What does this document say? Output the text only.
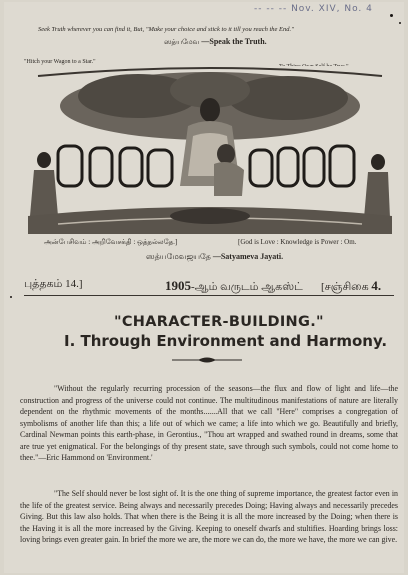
-- -- -- Nov. XIV, No. 4
Seek Truth wherever you can find it, But, "Make your choice and stick to it till you reach the End."
ஸத்யமேவ —Speak the Truth.
"Hitch your Wagon to a Star."
அன்பேசிவம் : அறிவேசக்தி : ஒத்தல்லதே.]	[God is Love : Knowledge is Power : Om.
ஸத்யமேவஜயதே —Satyameva Jayati.
புத்தகம் 14.]	1905-ஆம் வருடம் ஆகஸ்ட் [சஞ்சிகை 4.
"CHARACTER-BUILDING."
I. Through Environment and Harmony.

"Without the regularly recurring procession of the seasons—the flux and flow of light and life—the construction and progress of the universe could not continue. The multitudinous manifestations of nature are literally dependent on the rhythmic movements of the months.......All that we call "Here" comprises a congregation of symbolisms of another life than this; a life out of which we came; a life into which we go. Beautifully and briefly, Cardinal Newman points this earth-phase, in Gerontius., "Thou art wrapped and swathed round in dreams, some that are true yet enigmatical. For the belongings of thy present state, save through such symbols, could not come home to thee."—Eric Hammond on 'Environment.'

"The Self should never be lost sight of. It is the one thing of supreme importance, the greatest factor even in the life of the greatest service. Being always and necessarily precedes Doing; Having always and necessarily precedes Giving. But this law also holds. That when there is the Being it is all the more increased by the Doing; when there is the Having it is all the more increased by the Giving. Keeping to oneself dwarfs and stultifies. Hoarding brings loss: loving brings even greater gain. In brief the more we are, the more we can do, the more we have, the more we can give.
